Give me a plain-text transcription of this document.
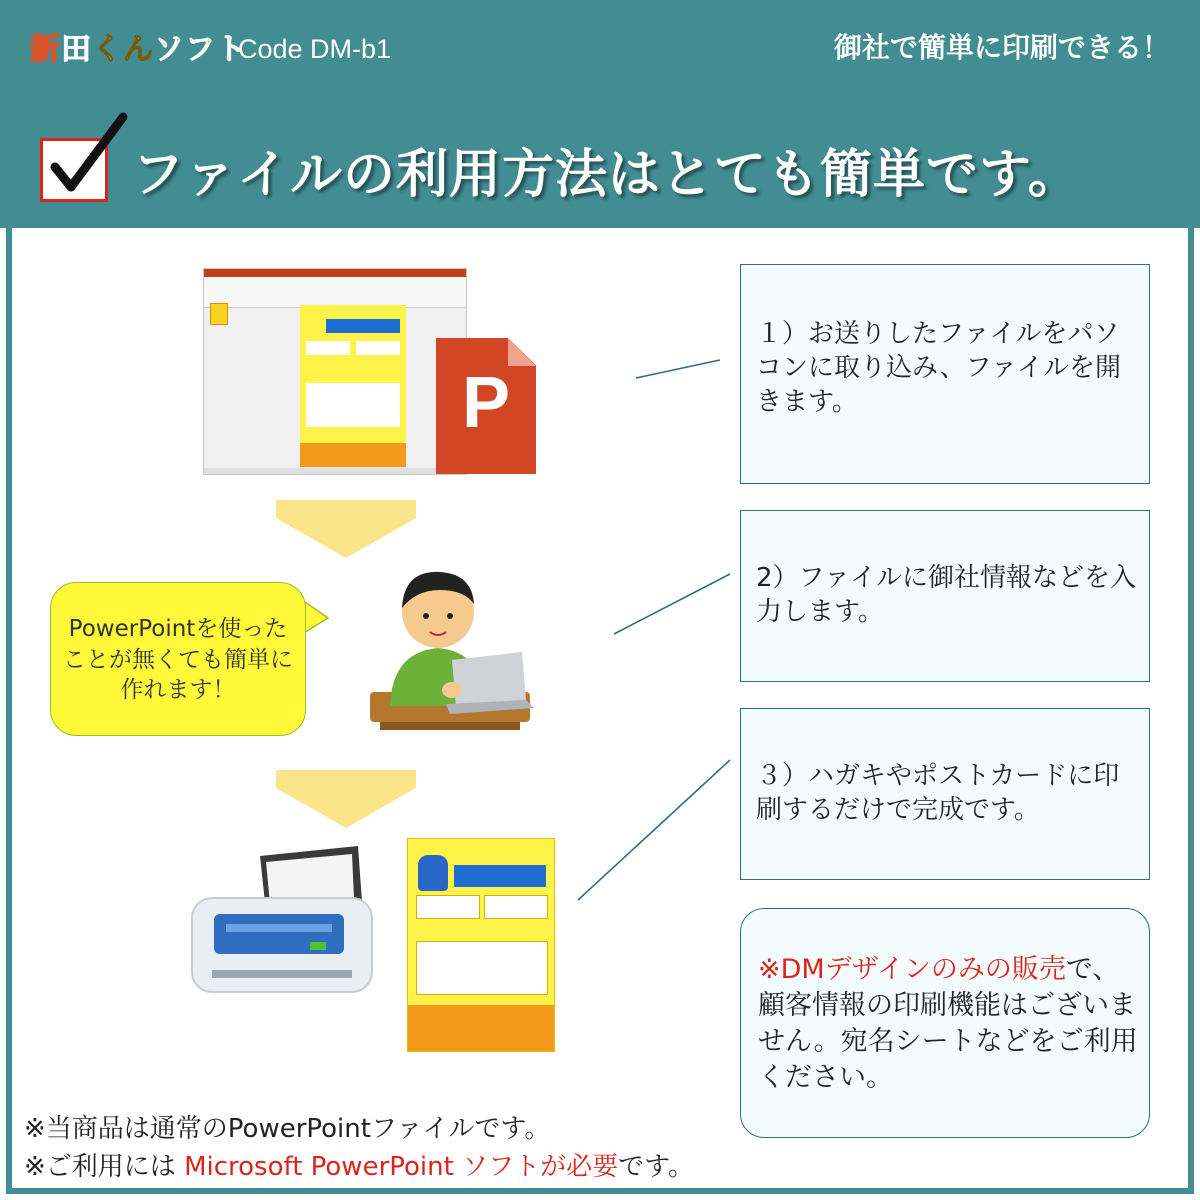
新田くんソフト
Code DM-b1	御社で簡単に印刷できる！
ファイルの利用方法はとても簡単です。
P
PowerPointを使ったことが無くても簡単に作れます！
１）お送りしたファイルをパソコンに取り込み、ファイルを開きます。
2）ファイルに御社情報などを入力します。
３）ハガキやポストカードに印刷するだけで完成です。
※DMデザインのみの販売で、顧客情報の印刷機能はございません。宛名シートなどをご利用ください。
※当商品は通常のPowerPointファイルです。
※ご利用には Microsoft PowerPoint ソフトが必要です。
